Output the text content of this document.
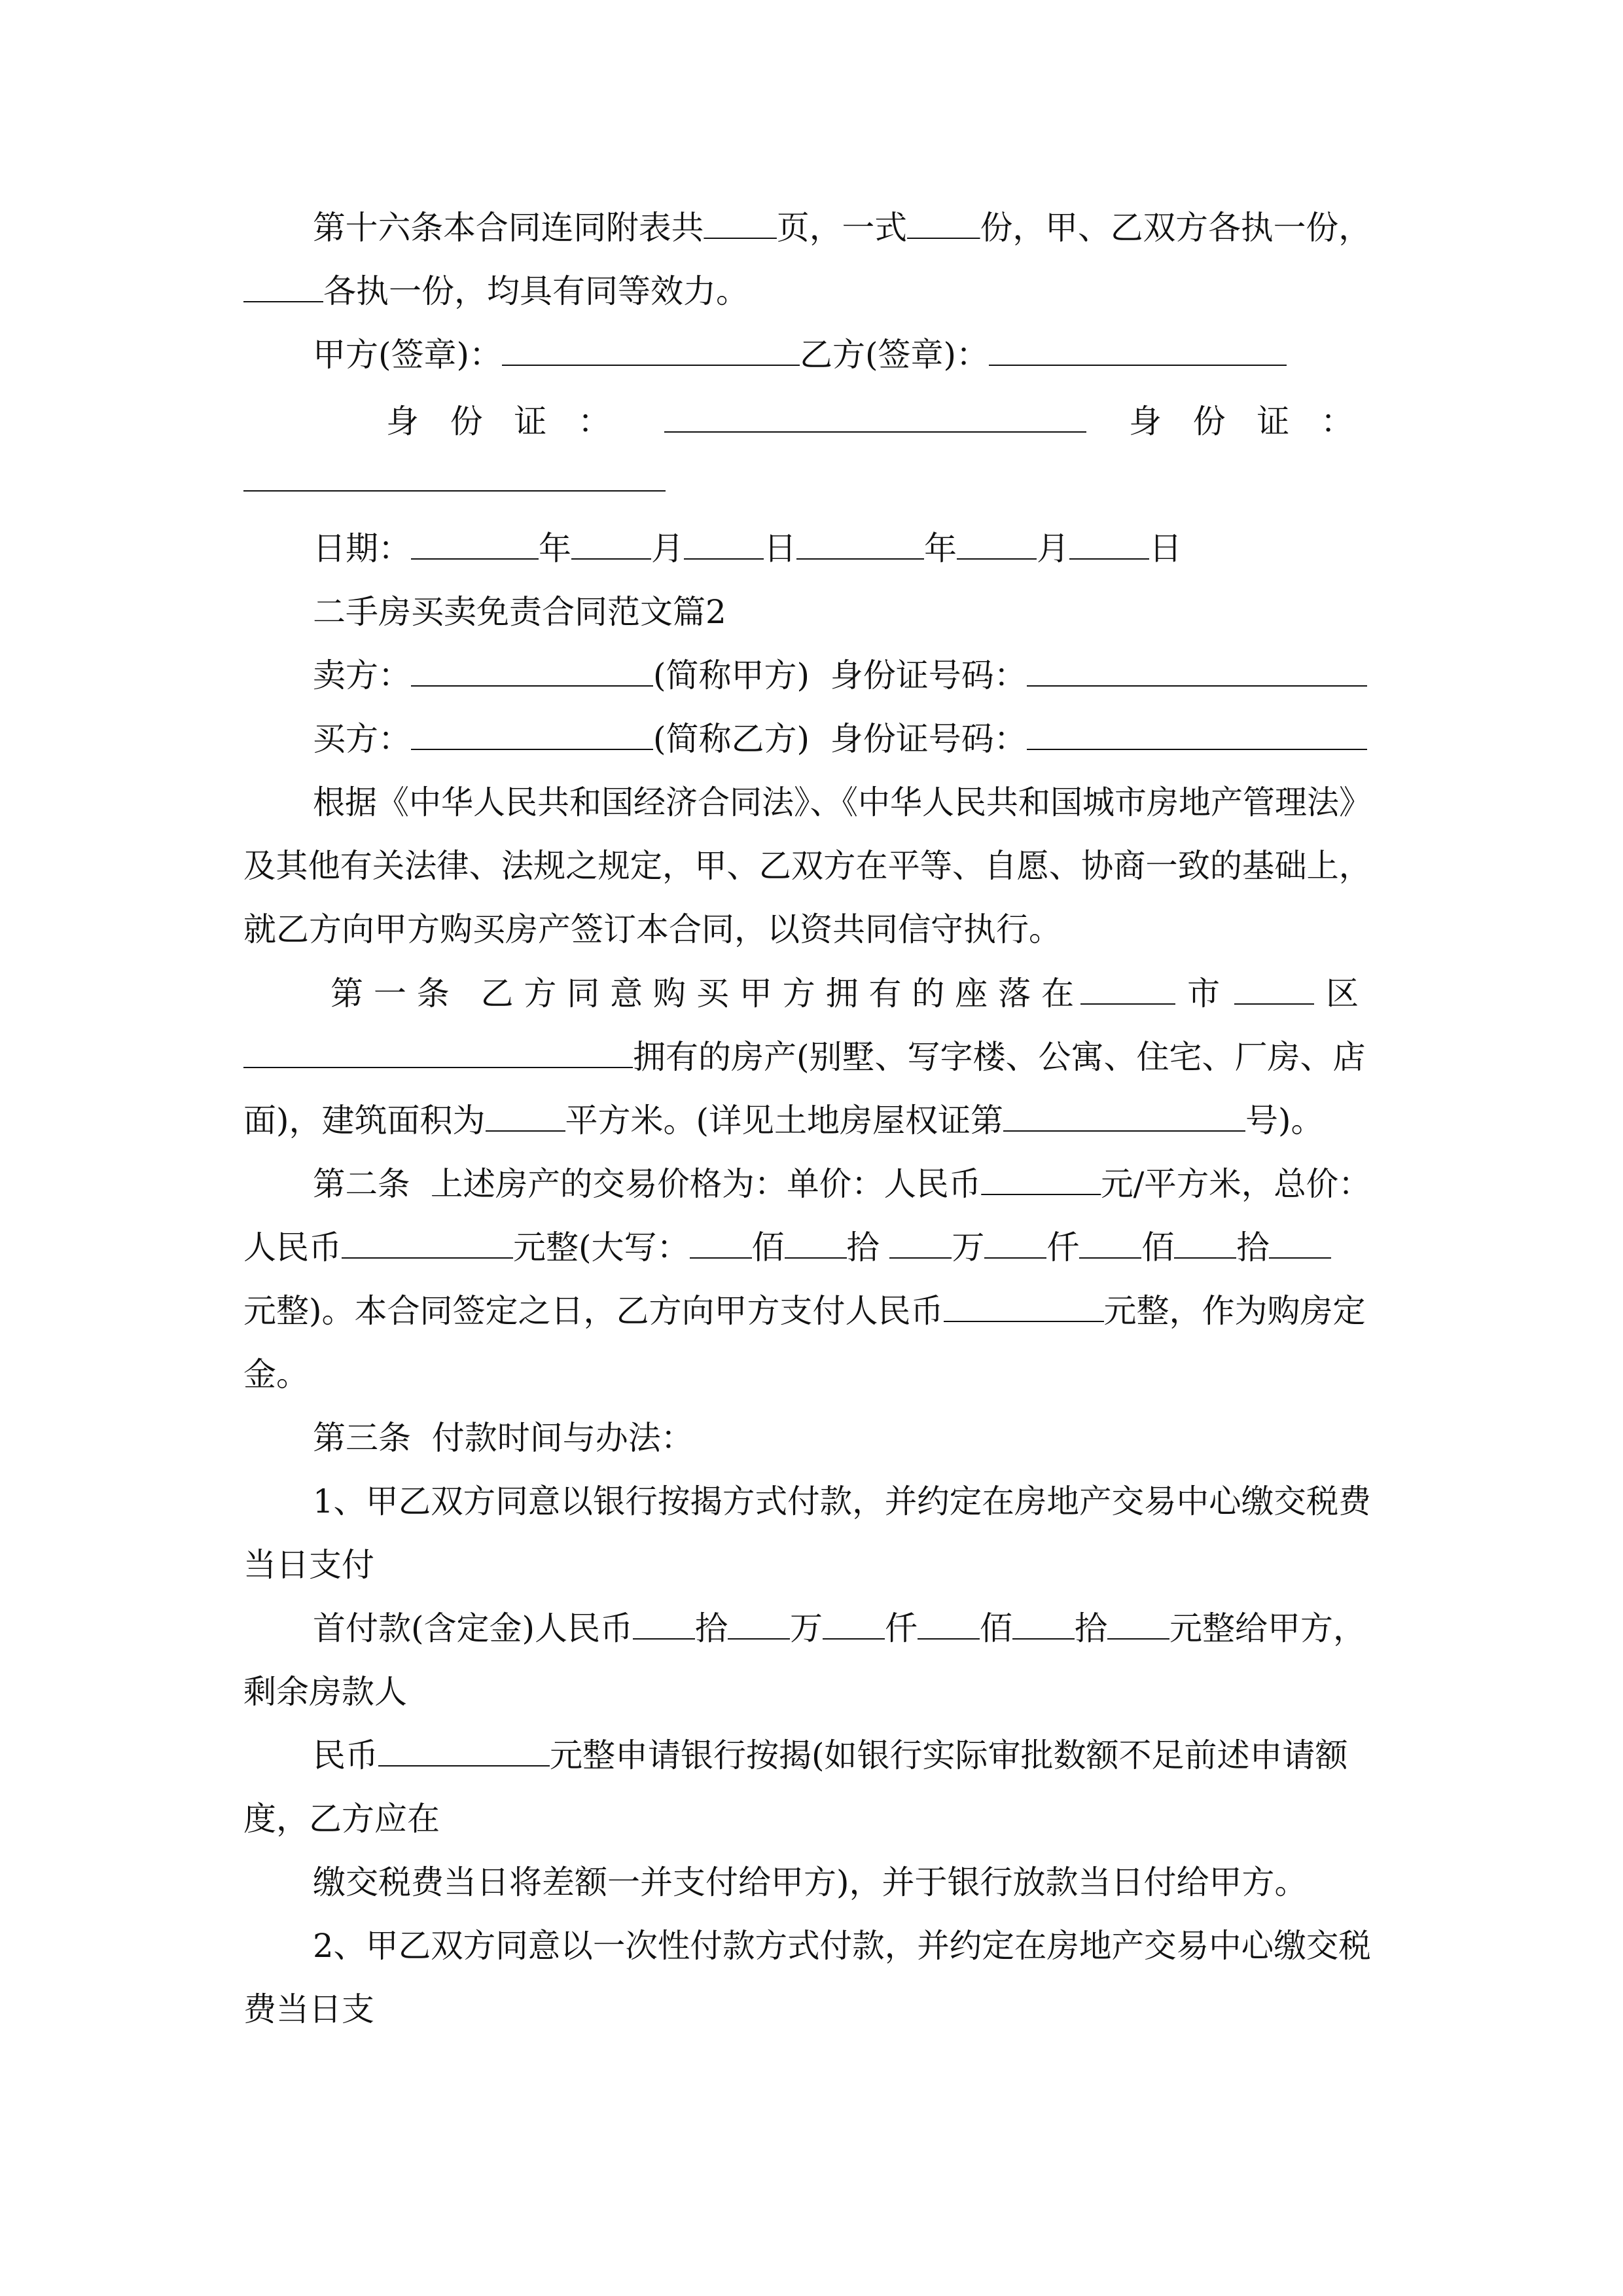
第十六条本合同连同附表共 页，一式 份，甲、乙双方各执一份，
各执一份，均具有同等效力。
甲方(签章)：	乙方(签章)：
身   份   证   ：	身   份   证   ：
日期：	年 月 日	年 月 日
二手房买卖免责合同范文篇2
卖方：	(简称甲方)  身份证号码：
买方：	(简称乙方)  身份证号码：
根据《中华人民共和国经济合同法》、《中华人民共和国城市房地产管理法》
及其他有关法律、法规之规定，甲、乙双方在平等、自愿、协商一致的基础上，
就乙方向甲方购买房产签订本合同，以资共同信守执行。
第 一 条   乙 方 同 意 购 买 甲 方 拥 有 的 座 落 在	市	区
拥有的房产(别墅、写字楼、公寓、住宅、厂房、店
面)，建筑面积为 平方米。(详见土地房屋权证第	号)。
第二条  上述房产的交易价格为：单价：人民币	元/平方米，总价：
人民币	元整(大写： 佰 拾 万 仟 佰 拾
元整)。本合同签定之日，乙方向甲方支付人民币	元整，作为购房定
金。
第三条  付款时间与办法：
1、甲乙双方同意以银行按揭方式付款，并约定在房地产交易中心缴交税费
当日支付
首付款(含定金)人民币 拾 万 仟 佰 拾 元整给甲方，
剩余房款人
民币	元整申请银行按揭(如银行实际审批数额不足前述申请额
度，乙方应在
缴交税费当日将差额一并支付给甲方)，并于银行放款当日付给甲方。
2、甲乙双方同意以一次性付款方式付款，并约定在房地产交易中心缴交税
费当日支
